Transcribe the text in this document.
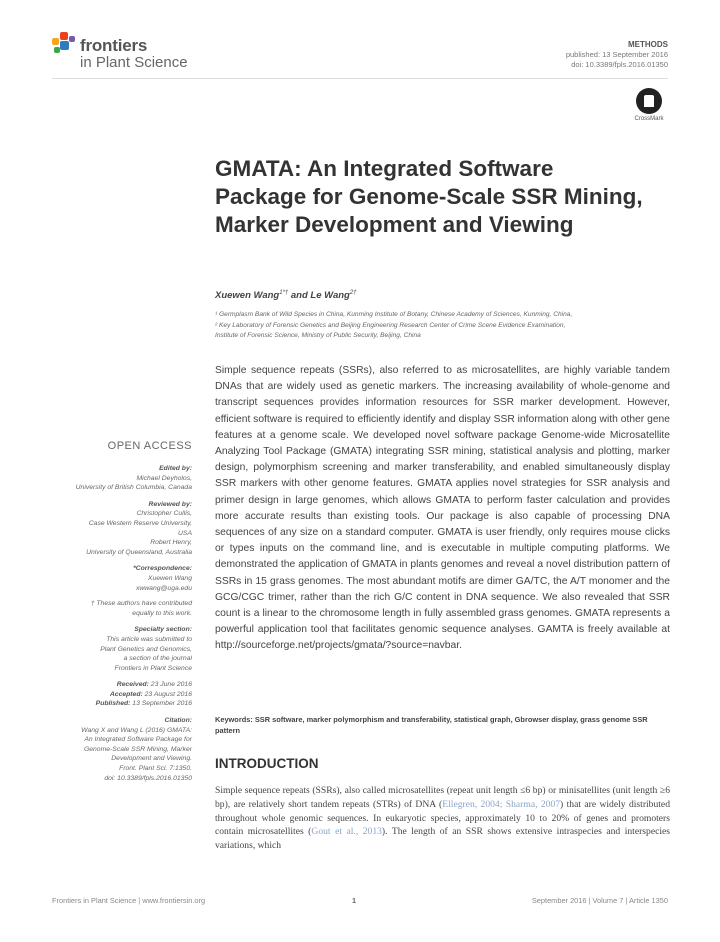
frontiers
in Plant Science
METHODS
published: 13 September 2016
doi: 10.3389/fpls.2016.01350
CrossMark
GMATA: An Integrated Software Package for Genome-Scale SSR Mining, Marker Development and Viewing
Xuewen Wang$^{1*\dagger}$ and Le Wang$^{2\dagger}$
¹ Germplasm Bank of Wild Species in China, Kunming Institute of Botany, Chinese Academy of Sciences, Kunming, China,
² Key Laboratory of Forensic Genetics and Beijing Engineering Research Center of Crime Scene Evidence Examination,
Institute of Forensic Science, Ministry of Public Security, Beijing, China

Simple sequence repeats (SSRs), also referred to as microsatellites, are highly variable tandem DNAs that are widely used as genetic markers. The increasing availability of whole-genome and transcript sequences provides information resources for SSR marker development. However, efficient software is required to efficiently identify and display SSR information along with other gene features at a genome scale. We developed novel software package Genome-wide Microsatellite Analyzing Tool Package (GMATA) integrating SSR mining, statistical analysis and plotting, marker design, polymorphism screening and marker transferability, and enabled simultaneously display SSR markers with other genome features. GMATA applies novel strategies for SSR analysis and primer design in large genomes, which allows GMATA to perform faster calculation and provides more accurate results than existing tools. Our package is also capable of processing DNA sequences of any size on a standard computer. GMATA is user friendly, only requires mouse clicks or types inputs on the command line, and is executable in multiple computing platforms. We demonstrated the application of GMATA in plants genomes and reveal a novel distribution pattern of SSRs in 15 grass genomes. The most abundant motifs are dimer GA/TC, the A/T monomer and the GCG/CGC trimer, rather than the rich G/C content in DNA sequence. We also revealed that SSR count is a linear to the chromosome length in fully assembled grass genomes. GMATA represents a powerful application tool that facilitates genomic sequence analyses. GAMTA is freely available at http://sourceforge.net/projects/gmata/?source=navbar.

Keywords: SSR software, marker polymorphism and transferability, statistical graph, Gbrowser display, grass genome SSR pattern
INTRODUCTION

Simple sequence repeats (SSRs), also called microsatellites (repeat unit length ≤6 bp) or minisatellites (unit length ≥6 bp), are relatively short tandem repeats (STRs) of DNA (Ellegren, 2004; Sharma, 2007) that are widely distributed throughout whole genomic sequences. In eukaryotic species, approximately 10 to 20% of genes and promoters contain microsatellites (Gout et al., 2013). The length of an SSR shows extensive intraspecies and interspecies variations, which

OPEN ACCESS
Edited by:
Michael Deyholos,
University of British Columbia, Canada
Reviewed by:
Christopher Cullis,
Case Western Reserve University,
USA
Robert Henry,
University of Queensland, Australia
*Correspondence:
Xuewen Wang
xwwang@uga.edu
† These authors have contributed
equally to this work.
Specialty section:
This article was submitted to
Plant Genetics and Genomics,
a section of the journal
Frontiers in Plant Science
Received: 23 June 2016
Accepted: 23 August 2016
Published: 13 September 2016
Citation:
Wang X and Wang L (2016) GMATA:
An Integrated Software Package for
Genome-Scale SSR Mining, Marker
Development and Viewing.
Front. Plant Sci. 7:1350.
doi: 10.3389/fpls.2016.01350
Frontiers in Plant Science | www.frontiersin.org	1	September 2016 | Volume 7 | Article 1350
